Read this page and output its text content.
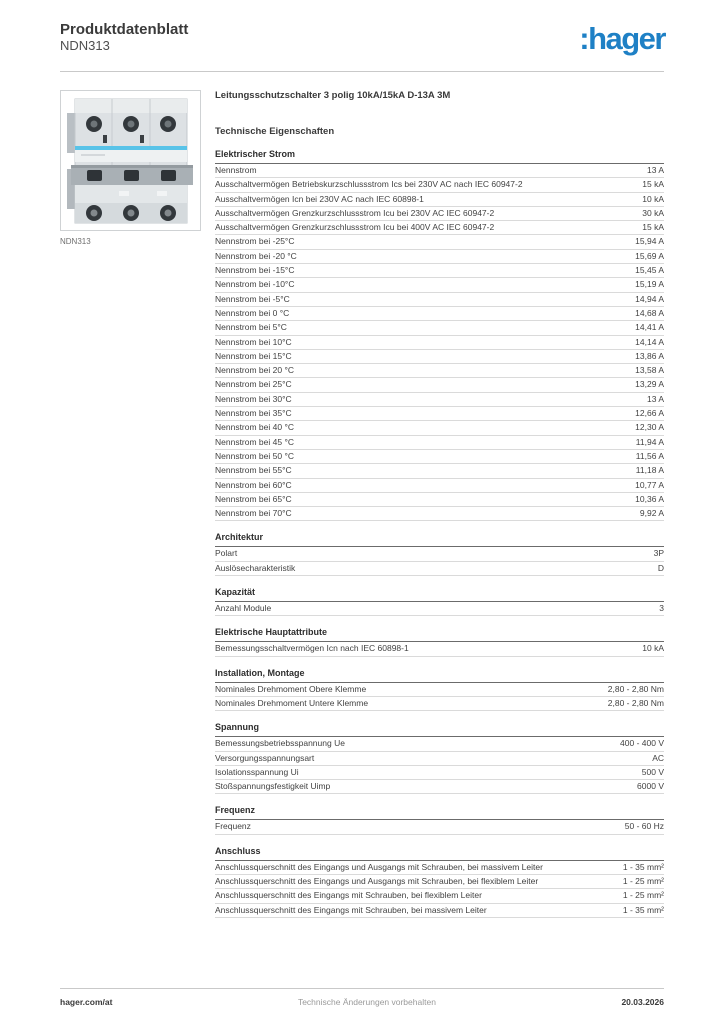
Produktdatenblatt
NDN313	:hager
NDN313
Leitungsschutzschalter 3 polig 10kA/15kA D-13A 3M
Technische Eigenschaften
Elektrischer Strom
Nennstrom	13 A
Ausschaltvermögen Betriebskurzschlussstrom Ics bei 230V AC nach IEC 60947-2	15 kA
Ausschaltvermögen Icn bei 230V AC nach IEC 60898-1	10 kA
Ausschaltvermögen Grenzkurzschlussstrom Icu bei 230V AC IEC 60947-2	30 kA
Ausschaltvermögen Grenzkurzschlussstrom Icu bei 400V AC IEC 60947-2	15 kA
Nennstrom bei -25°C	15,94 A
Nennstrom bei -20 °C	15,69 A
Nennstrom bei -15°C	15,45 A
Nennstrom bei -10°C	15,19 A
Nennstrom bei -5°C	14,94 A
Nennstrom bei 0 °C	14,68 A
Nennstrom bei 5°C	14,41 A
Nennstrom bei 10°C	14,14 A
Nennstrom bei 15°C	13,86 A
Nennstrom bei 20 °C	13,58 A
Nennstrom bei 25°C	13,29 A
Nennstrom bei 30°C	13 A
Nennstrom bei 35°C	12,66 A
Nennstrom bei 40 °C	12,30 A
Nennstrom bei 45 °C	11,94 A
Nennstrom bei 50 °C	11,56 A
Nennstrom bei 55°C	11,18 A
Nennstrom bei 60°C	10,77 A
Nennstrom bei 65°C	10,36 A
Nennstrom bei 70°C	9,92 A
Architektur
Polart	3P
Auslösecharakteristik	D
Kapazität
Anzahl Module	3
Elektrische Hauptattribute
Bemessungsschaltvermögen Icn nach IEC 60898-1	10 kA
Installation, Montage
Nominales Drehmoment Obere Klemme	2,80 - 2,80 Nm
Nominales Drehmoment Untere Klemme	2,80 - 2,80 Nm
Spannung
Bemessungsbetriebsspannung Ue	400 - 400 V
Versorgungsspannungsart	AC
Isolationsspannung Ui	500 V
Stoßspannungsfestigkeit Uimp	6000 V
Frequenz
Frequenz	50 - 60 Hz
Anschluss
Anschlussquerschnitt des Eingangs und Ausgangs mit Schrauben, bei massivem Leiter	1 - 35 mm²
Anschlussquerschnitt des Eingangs und Ausgangs mit Schrauben, bei flexiblem Leiter	1 - 25 mm²
Anschlussquerschnitt des Eingangs mit Schrauben, bei flexiblem Leiter	1 - 25 mm²
Anschlussquerschnitt des Eingangs mit Schrauben, bei massivem Leiter	1 - 35 mm²
hager.com/at	Technische Änderungen vorbehalten	20.03.2026
